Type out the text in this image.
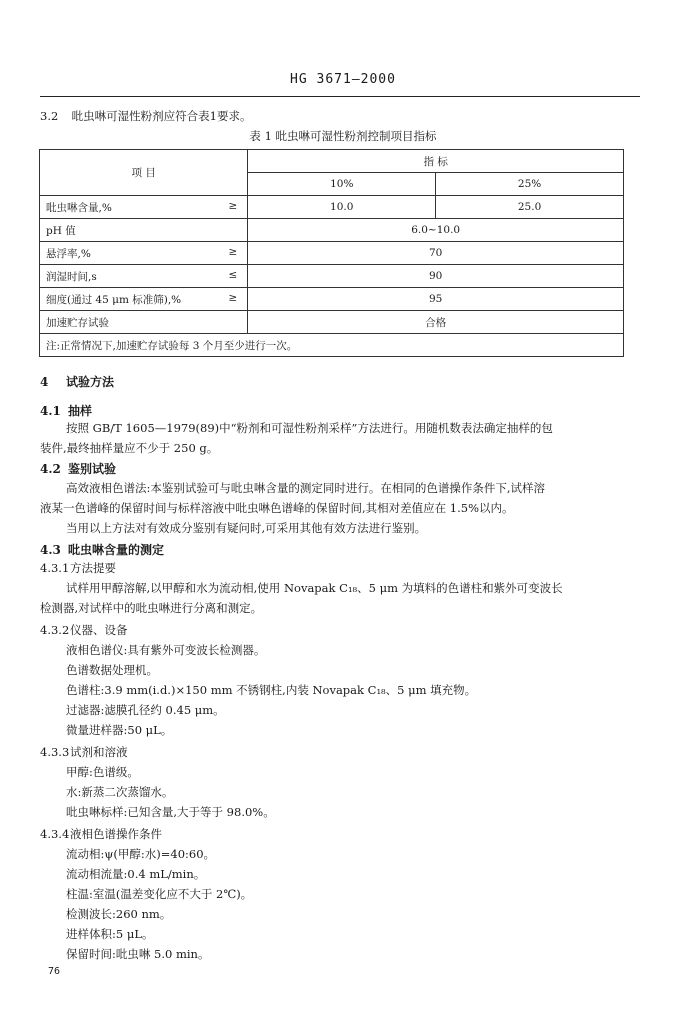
HG 3671—2000
3.2 吡虫啉可湿性粉剂应符合表1要求。
表 1 吡虫啉可湿性粉剂控制项目指标
项 目	指 标	
	10%	25%
吡虫啉含量,% ≥	10.0	25.0
pH 值	6.0~10.0	
悬浮率,% ≥	70	
润湿时间,s ≤	90	
细度(通过 45 μm 标准筛),% ≥	95	
加速贮存试验	合格	
注:正常情况下,加速贮存试验每 3 个月至少进行一次。		
4 试验方法
4.1 抽样
按照 GB/T 1605—1979(89)中“粉剂和可湿性粉剂采样”方法进行。用随机数表法确定抽样的包
装件,最终抽样量应不少于 250 g。
4.2 鉴别试验
高效液相色谱法:本鉴别试验可与吡虫啉含量的测定同时进行。在相同的色谱操作条件下,试样溶
液某一色谱峰的保留时间与标样溶液中吡虫啉色谱峰的保留时间,其相对差值应在 1.5%以内。
当用以上方法对有效成分鉴别有疑问时,可采用其他有效方法进行鉴别。
4.3 吡虫啉含量的测定
4.3.1方法提要
试样用甲醇溶解,以甲醇和水为流动相,使用 Novapak C₁₈、5 μm 为填料的色谱柱和紫外可变波长
检测器,对试样中的吡虫啉进行分离和测定。
4.3.2仪器、设备
液相色谱仪:具有紫外可变波长检测器。
色谱数据处理机。
色谱柱:3.9 mm(i.d.)×150 mm 不锈钢柱,内装 Novapak C₁₈、5 μm 填充物。
过滤器:滤膜孔径约 0.45 μm。
微量进样器:50 μL。
4.3.3试剂和溶液
甲醇:色谱级。
水:新蒸二次蒸馏水。
吡虫啉标样:已知含量,大于等于 98.0%。
4.3.4液相色谱操作条件
流动相:ψ(甲醇:水)=40:60。
流动相流量:0.4 mL/min。
柱温:室温(温差变化应不大于 2℃)。
检测波长:260 nm。
进样体积:5 μL。
保留时间:吡虫啉 5.0 min。
76
